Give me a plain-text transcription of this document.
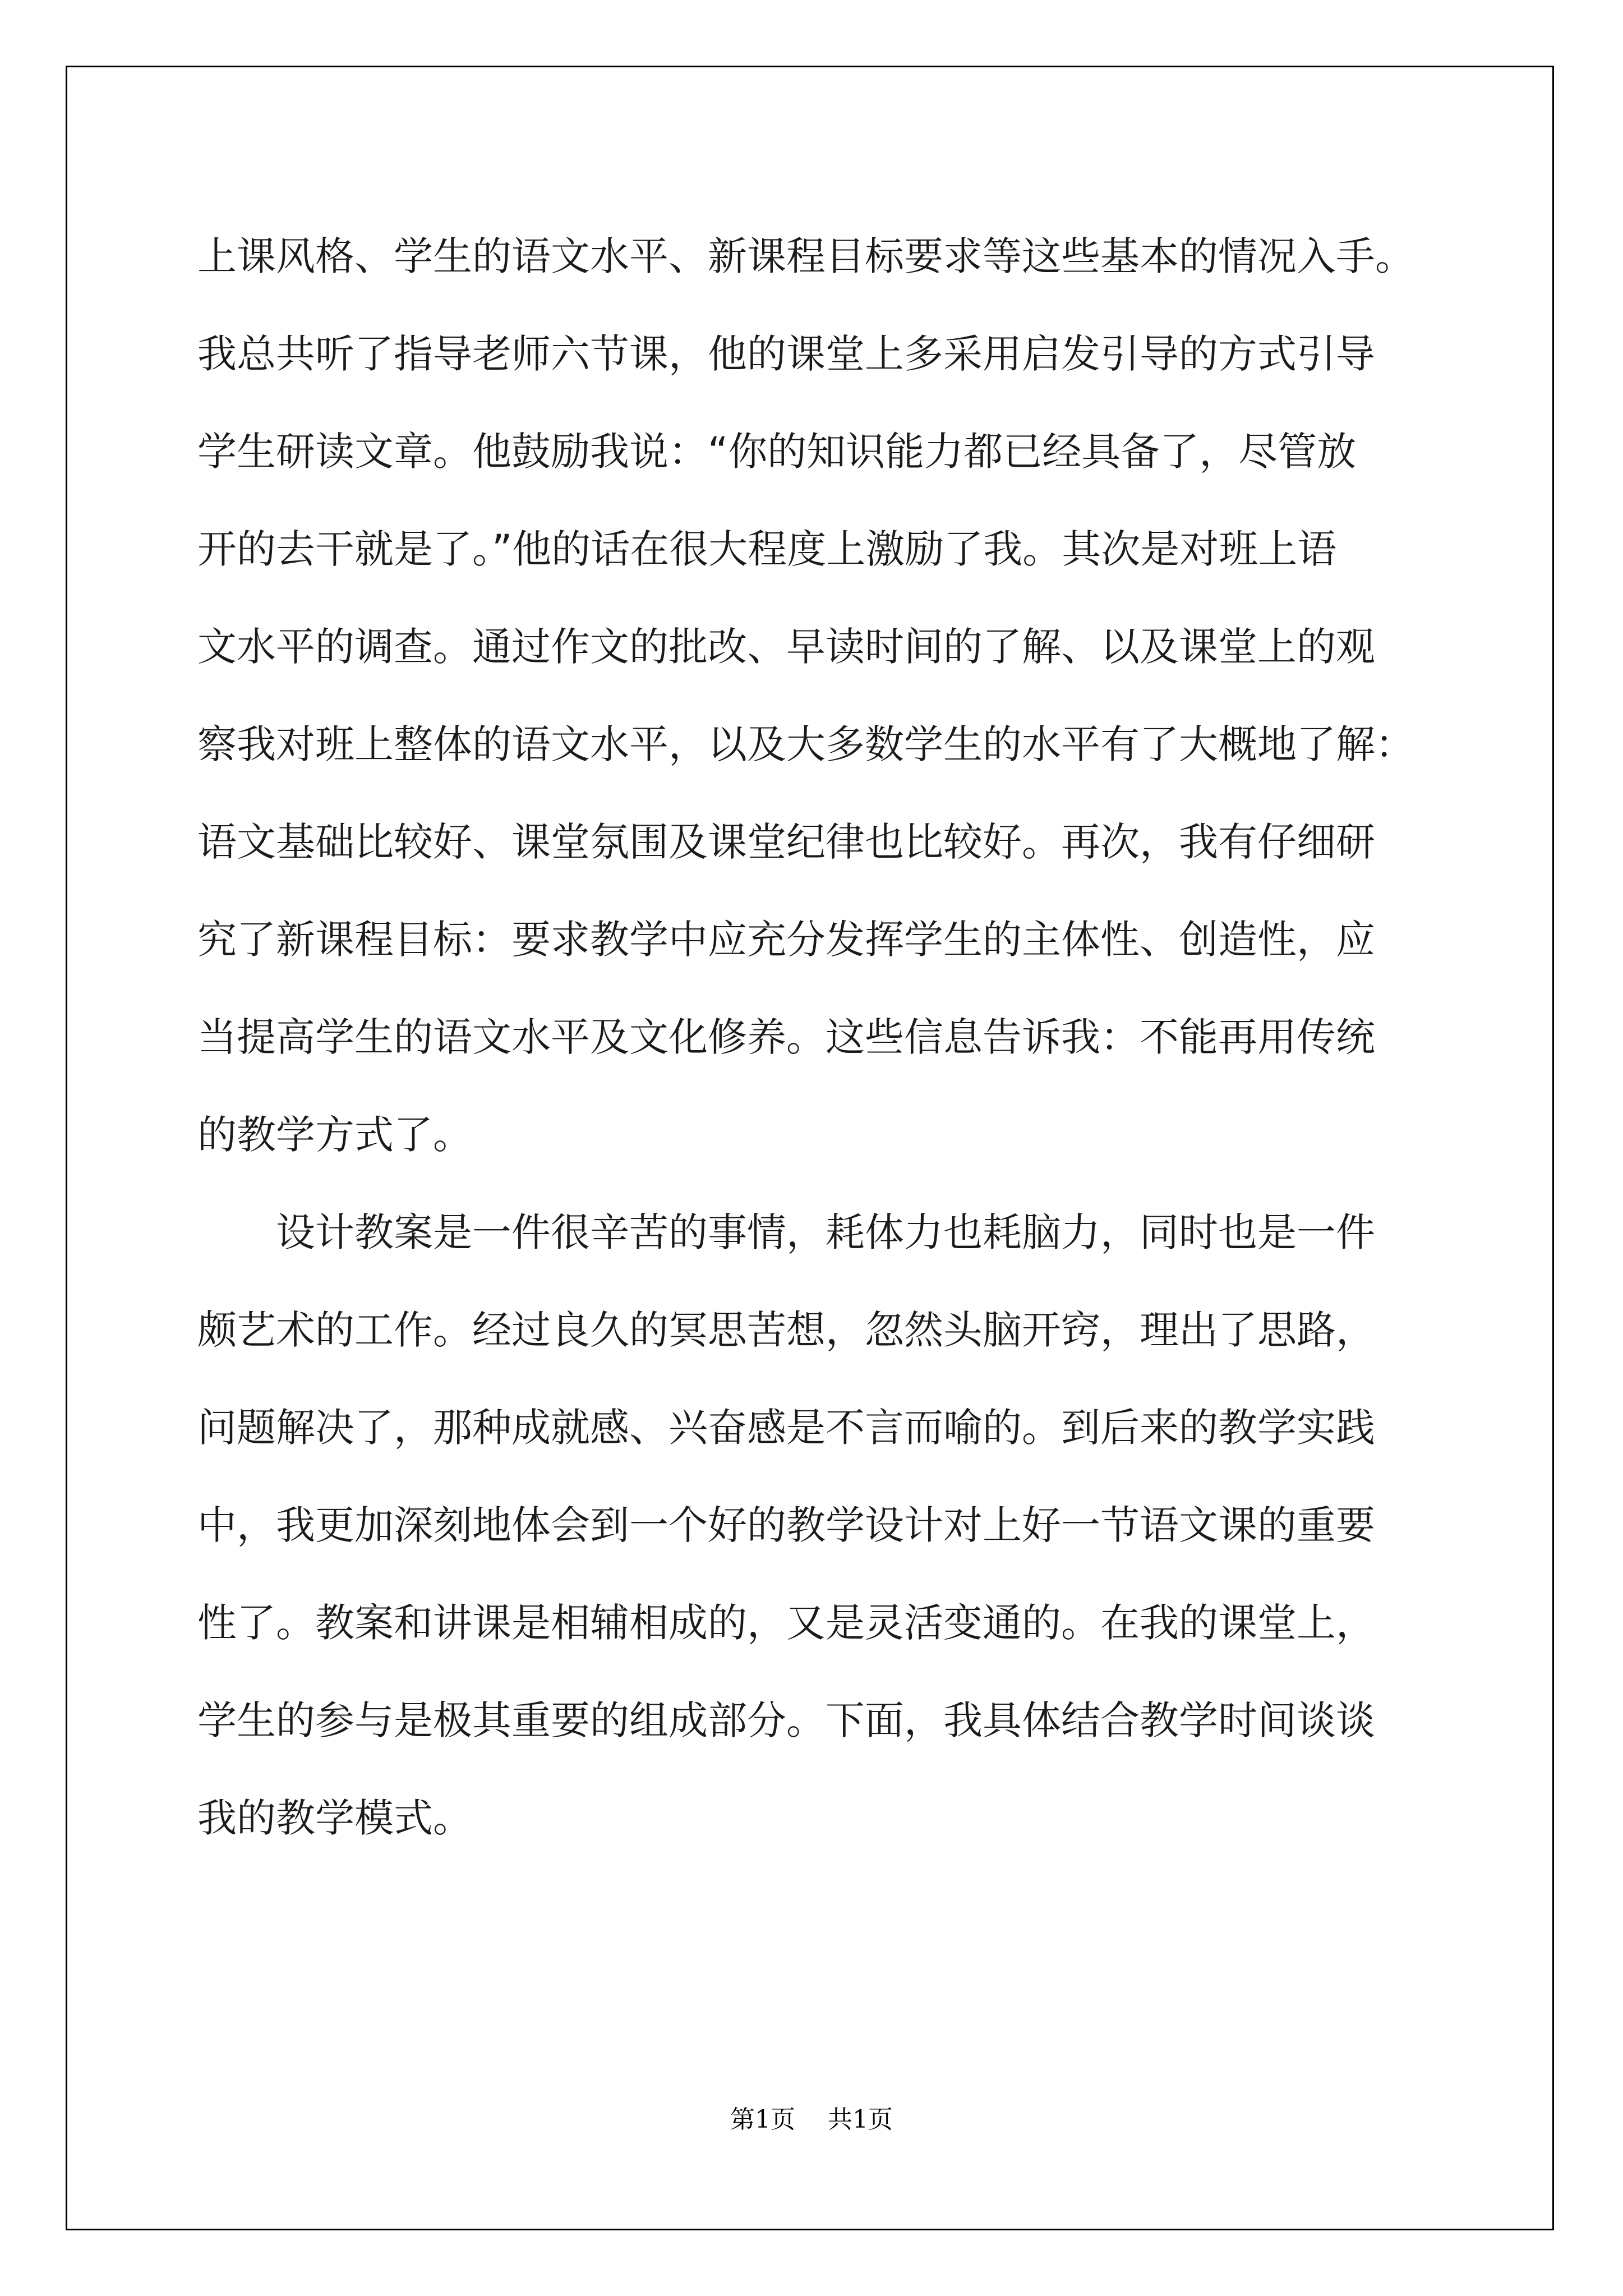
上课风格、学生的语文水平、新课程目标要求等这些基本的情况入手。
我总共听了指导老师六节课，他的课堂上多采用启发引导的方式引导
学生研读文章。他鼓励我说：“你的知识能力都已经具备了，尽管放
开的去干就是了。”他的话在很大程度上激励了我。其次是对班上语
文水平的调查。通过作文的批改、早读时间的了解、以及课堂上的观
察我对班上整体的语文水平，以及大多数学生的水平有了大概地了解：
语文基础比较好、课堂氛围及课堂纪律也比较好。再次，我有仔细研
究了新课程目标：要求教学中应充分发挥学生的主体性、创造性，应
当提高学生的语文水平及文化修养。这些信息告诉我：不能再用传统
的教学方式了。
设计教案是一件很辛苦的事情，耗体力也耗脑力，同时也是一件
颇艺术的工作。经过良久的冥思苦想，忽然头脑开窍，理出了思路，
问题解决了，那种成就感、兴奋感是不言而喻的。到后来的教学实践
中，我更加深刻地体会到一个好的教学设计对上好一节语文课的重要
性了。教案和讲课是相辅相成的，又是灵活变通的。在我的课堂上，
学生的参与是极其重要的组成部分。下面，我具体结合教学时间谈谈
我的教学模式。
第1页 共1页
